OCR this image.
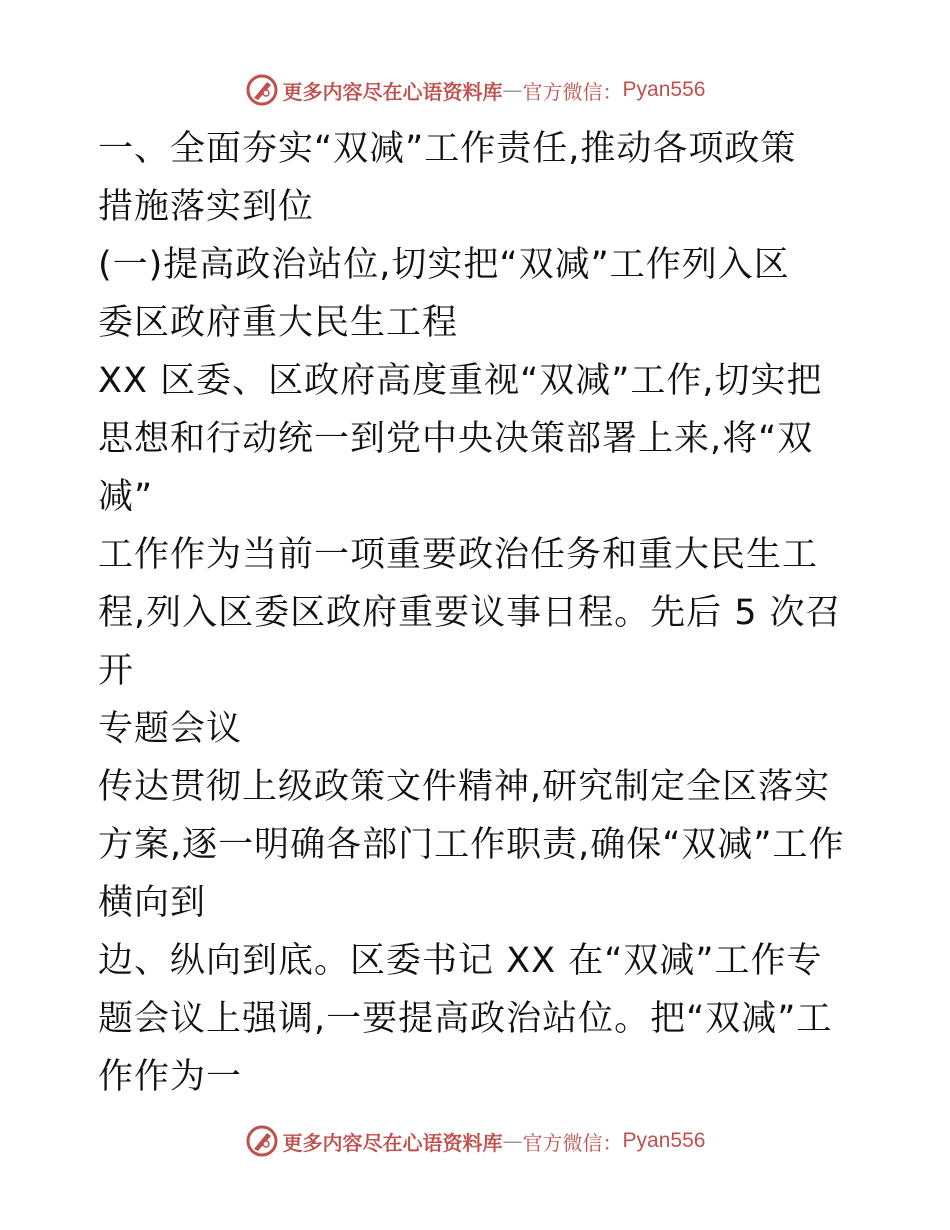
更多内容尽在心语资料库 — 官方微信： Pyan556

一、全面夯实“双减”工作责任,推动各项政策

措施落实到位

(一)提高政治站位,切实把“双减”工作列入区

委区政府重大民生工程

XX 区委、区政府高度重视“双减”工作,切实把

思想和行动统一到党中央决策部署上来,将“双

减”

工作作为当前一项重要政治任务和重大民生工

程,列入区委区政府重要议事日程。先后 5 次召开

专题会议

传达贯彻上级政策文件精神,研究制定全区落实

方案,逐一明确各部门工作职责,确保“双减”工作

横向到

边、纵向到底。区委书记 XX 在“双减”工作专

题会议上强调,一要提高政治站位。把“双减”工

作作为一

更多内容尽在心语资料库 — 官方微信： Pyan556
